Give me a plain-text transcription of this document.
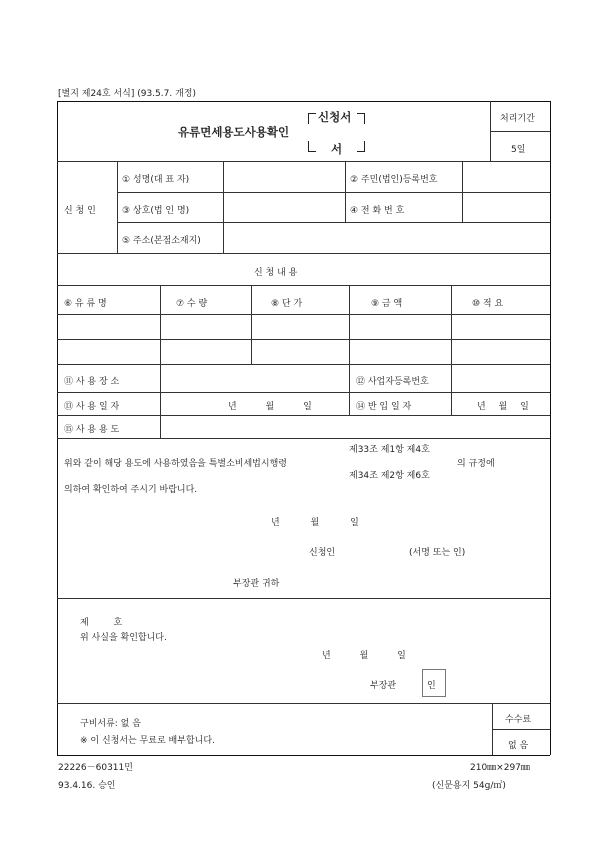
[별지 제24호 서식] (93.5.7. 개정)
유류면세용도사용확인
신청서
서
처리기간
5일
신 청 인
① 성명(대 표 자)	② 주민(법인)등록번호
③ 상호(법 인 명)	④ 전 화 번 호
⑤ 주소(본점소재지)
신 청 내 용
⑥ 유 류 명	⑦ 수 량	⑧ 단 가	⑨ 금 액	⑩ 적 요
⑪ 사 용 장 소	⑫ 사업자등록번호
⑬ 사 용 일 자	년 월 일	⑭ 반 입 일 자	년 월 일
⑮ 사 용 용 도
위와 같이 해당 용도에 사용하였음을 특별소비세법시행령
제33조 제1항 제4호
제34조 제2항 제6호
의 규정에
의하여 확인하여 주시기 바랍니다.
년 월 일
신청인	(서명 또는 인)
부장관 귀하
제 호
위 사실을 확인합니다.
년 월 일
부장관	인
구비서류: 없 음
※ 이 신청서는 무료로 배부합니다.
수수료
없 음
22226－60311민
93.4.16. 승인
210㎜×297㎜
(신문용지 54g/㎡)
